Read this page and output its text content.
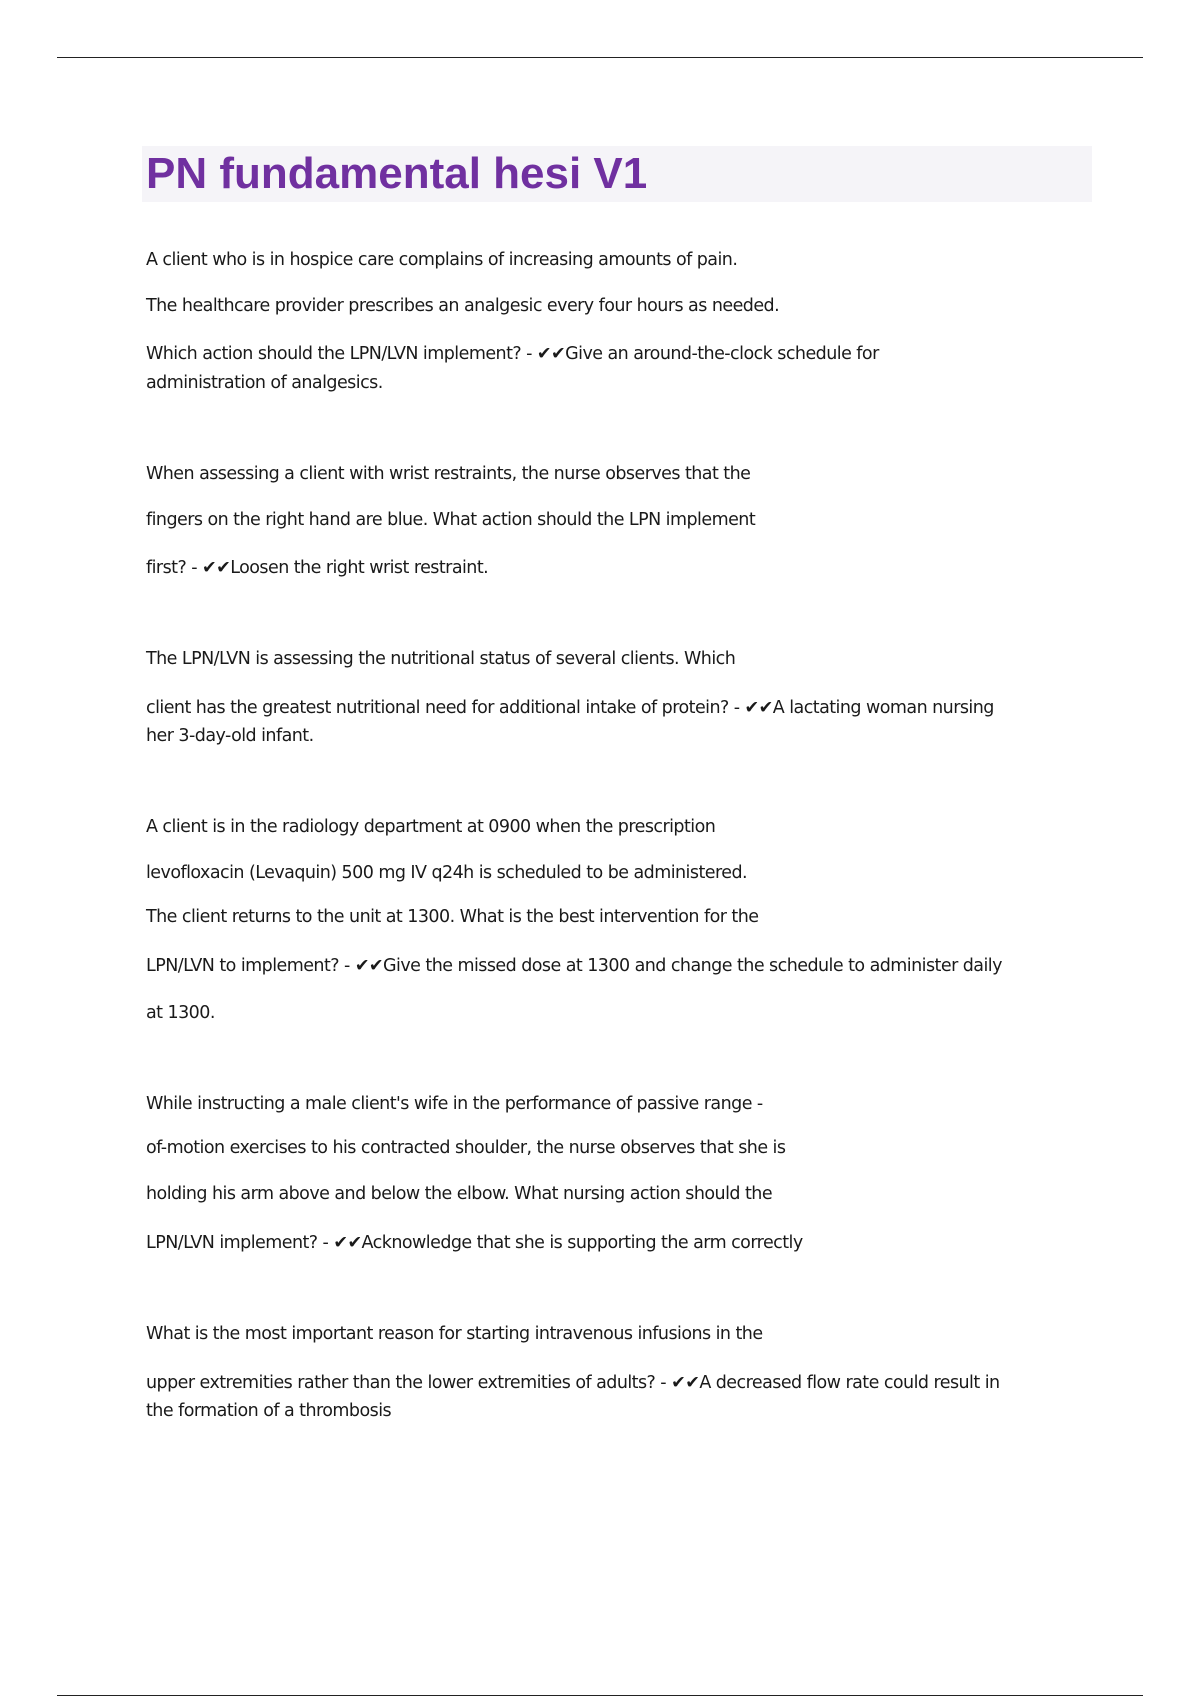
PN fundamental hesi V1

A client who is in hospice care complains of increasing amounts of pain.

The healthcare provider prescribes an analgesic every four hours as needed.

Which action should the LPN/LVN implement? - ✔✔Give an around-the-clock schedule for

administration of analgesics.

When assessing a client with wrist restraints, the nurse observes that the

fingers on the right hand are blue. What action should the LPN implement

first? - ✔✔Loosen the right wrist restraint.

The LPN/LVN is assessing the nutritional status of several clients. Which

client has the greatest nutritional need for additional intake of protein? - ✔✔A lactating woman nursing

her 3-day-old infant.

A client is in the radiology department at 0900 when the prescription

levofloxacin (Levaquin) 500 mg IV q24h is scheduled to be administered.

The client returns to the unit at 1300. What is the best intervention for the

LPN/LVN to implement? - ✔✔Give the missed dose at 1300 and change the schedule to administer daily

at 1300.

While instructing a male client's wife in the performance of passive range -

of-motion exercises to his contracted shoulder, the nurse observes that she is

holding his arm above and below the elbow. What nursing action should the

LPN/LVN implement? - ✔✔Acknowledge that she is supporting the arm correctly

What is the most important reason for starting intravenous infusions in the

upper extremities rather than the lower extremities of adults? - ✔✔A decreased flow rate could result in

the formation of a thrombosis
